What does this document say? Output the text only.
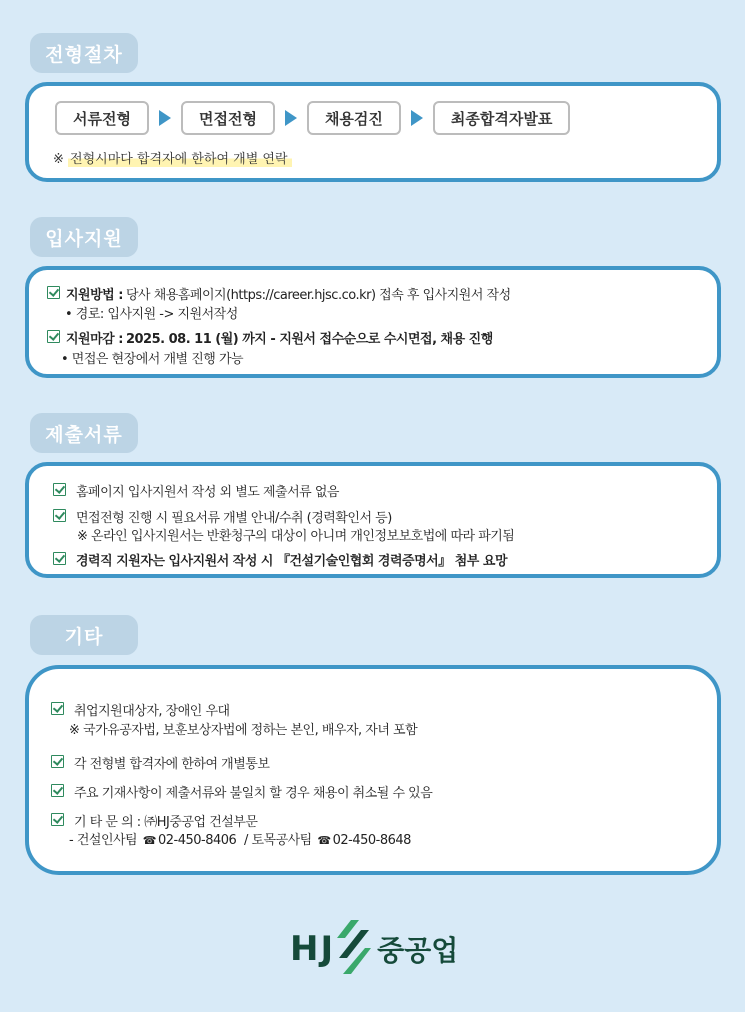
전형절차
서류전형	면접전형	채용검진	최종합격자발표
※ 전형시마다 합격자에 한하여 개별 연락
입사지원
지원방법 : 당사 채용홈페이지(https://career.hjsc.co.kr) 접속 후 입사지원서 작성
• 경로: 입사지원 -> 지원서작성
지원마감 : 2025. 08. 11 (월) 까지 - 지원서 접수순으로 수시면접, 채용 진행
• 면접은 현장에서 개별 진행 가능
제출서류
홈페이지 입사지원서 작성 외 별도 제출서류 없음
면접전형 진행 시 필요서류 개별 안내/수취 (경력확인서 등)
※ 온라인 입사지원서는 반환청구의 대상이 아니며 개인정보보호법에 따라 파기됨
경력직 지원자는 입사지원서 작성 시 『건설기술인협회 경력증명서』 첨부 요망
기타
취업지원대상자, 장애인 우대
※ 국가유공자법, 보훈보상자법에 정하는 본인, 배우자, 자녀 포함
각 전형별 합격자에 한하여 개별통보
주요 기재사항이 제출서류와 불일치 할 경우 채용이 취소될 수 있음
기 타 문 의 : ㈜HJ중공업 건설부문
- 건설인사팀 ☎ 02-450-8406 / 토목공사팀 ☎ 02-450-8648
HJ 중공업
